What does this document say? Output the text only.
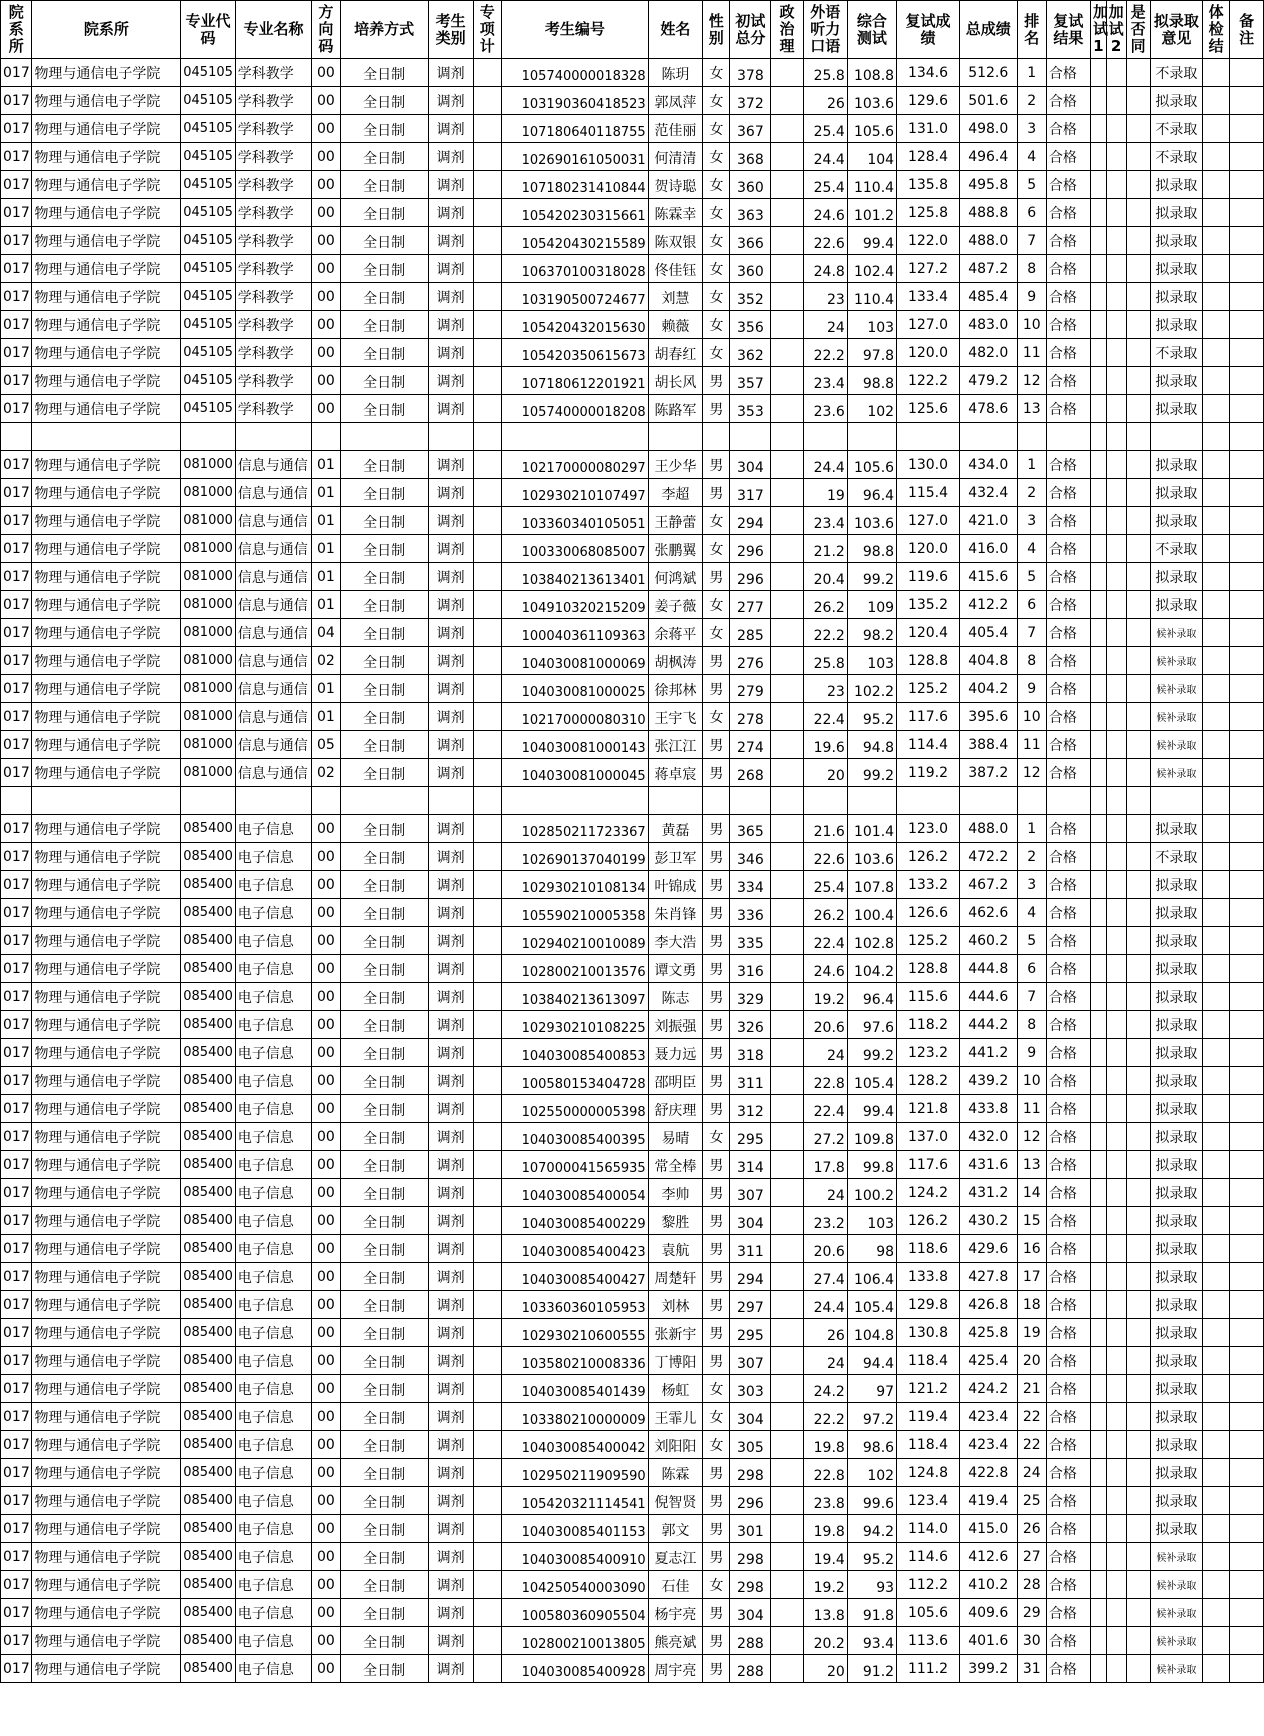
院系所	院系所	专业代码	专业名称	方向码	培养方式	考生类别	专项计	考生编号	姓名	性别	初试总分	政治理	外语听力口语	综合测试	复试成绩	总成绩	排名	复试结果	加试1	加试2	是否同	拟录取意见	体检结	备注
017	物理与通信电子学院	045105	学科教学	00	全日制	调剂		105740000018328	陈玥	女	378		25.8	108.8	134.6	512.6	1	合格				不录取		
017	物理与通信电子学院	045105	学科教学	00	全日制	调剂		103190360418523	郭凤萍	女	372		26	103.6	129.6	501.6	2	合格				拟录取		
017	物理与通信电子学院	045105	学科教学	00	全日制	调剂		107180640118755	范佳丽	女	367		25.4	105.6	131.0	498.0	3	合格				不录取		
017	物理与通信电子学院	045105	学科教学	00	全日制	调剂		102690161050031	何清清	女	368		24.4	104	128.4	496.4	4	合格				不录取		
017	物理与通信电子学院	045105	学科教学	00	全日制	调剂		107180231410844	贺诗聪	女	360		25.4	110.4	135.8	495.8	5	合格				拟录取		
017	物理与通信电子学院	045105	学科教学	00	全日制	调剂		105420230315661	陈霖幸	女	363		24.6	101.2	125.8	488.8	6	合格				拟录取		
017	物理与通信电子学院	045105	学科教学	00	全日制	调剂		105420430215589	陈双银	女	366		22.6	99.4	122.0	488.0	7	合格				拟录取		
017	物理与通信电子学院	045105	学科教学	00	全日制	调剂		106370100318028	佟佳钰	女	360		24.8	102.4	127.2	487.2	8	合格				拟录取		
017	物理与通信电子学院	045105	学科教学	00	全日制	调剂		103190500724677	刘慧	女	352		23	110.4	133.4	485.4	9	合格				拟录取		
017	物理与通信电子学院	045105	学科教学	00	全日制	调剂		105420432015630	赖薇	女	356		24	103	127.0	483.0	10	合格				拟录取		
017	物理与通信电子学院	045105	学科教学	00	全日制	调剂		105420350615673	胡春红	女	362		22.2	97.8	120.0	482.0	11	合格				不录取		
017	物理与通信电子学院	045105	学科教学	00	全日制	调剂		107180612201921	胡长风	男	357		23.4	98.8	122.2	479.2	12	合格				拟录取		
017	物理与通信电子学院	045105	学科教学	00	全日制	调剂		105740000018208	陈路军	男	353		23.6	102	125.6	478.6	13	合格				拟录取		

017	物理与通信电子学院	081000	信息与通信	01	全日制	调剂		102170000080297	王少华	男	304		24.4	105.6	130.0	434.0	1	合格				拟录取		
017	物理与通信电子学院	081000	信息与通信	01	全日制	调剂		102930210107497	李超	男	317		19	96.4	115.4	432.4	2	合格				拟录取		
017	物理与通信电子学院	081000	信息与通信	01	全日制	调剂		103360340105051	王静蕾	女	294		23.4	103.6	127.0	421.0	3	合格				拟录取		
017	物理与通信电子学院	081000	信息与通信	01	全日制	调剂		100330068085007	张鹏翼	女	296		21.2	98.8	120.0	416.0	4	合格				不录取		
017	物理与通信电子学院	081000	信息与通信	01	全日制	调剂		103840213613401	何鸿斌	男	296		20.4	99.2	119.6	415.6	5	合格				拟录取		
017	物理与通信电子学院	081000	信息与通信	01	全日制	调剂		104910320215209	姜子薇	女	277		26.2	109	135.2	412.2	6	合格				拟录取		
017	物理与通信电子学院	081000	信息与通信	04	全日制	调剂		100040361109363	余蒋平	女	285		22.2	98.2	120.4	405.4	7	合格				候补录取		
017	物理与通信电子学院	081000	信息与通信	02	全日制	调剂		104030081000069	胡枫涛	男	276		25.8	103	128.8	404.8	8	合格				候补录取		
017	物理与通信电子学院	081000	信息与通信	01	全日制	调剂		104030081000025	徐邦林	男	279		23	102.2	125.2	404.2	9	合格				候补录取		
017	物理与通信电子学院	081000	信息与通信	01	全日制	调剂		102170000080310	王宇飞	女	278		22.4	95.2	117.6	395.6	10	合格				候补录取		
017	物理与通信电子学院	081000	信息与通信	05	全日制	调剂		104030081000143	张江江	男	274		19.6	94.8	114.4	388.4	11	合格				候补录取		
017	物理与通信电子学院	081000	信息与通信	02	全日制	调剂		104030081000045	蒋卓宸	男	268		20	99.2	119.2	387.2	12	合格				候补录取		

017	物理与通信电子学院	085400	电子信息	00	全日制	调剂		102850211723367	黄磊	男	365		21.6	101.4	123.0	488.0	1	合格				拟录取		
017	物理与通信电子学院	085400	电子信息	00	全日制	调剂		102690137040199	彭卫军	男	346		22.6	103.6	126.2	472.2	2	合格				不录取		
017	物理与通信电子学院	085400	电子信息	00	全日制	调剂		102930210108134	叶锦成	男	334		25.4	107.8	133.2	467.2	3	合格				拟录取		
017	物理与通信电子学院	085400	电子信息	00	全日制	调剂		105590210005358	朱肖锋	男	336		26.2	100.4	126.6	462.6	4	合格				拟录取		
017	物理与通信电子学院	085400	电子信息	00	全日制	调剂		102940210010089	李大浩	男	335		22.4	102.8	125.2	460.2	5	合格				拟录取		
017	物理与通信电子学院	085400	电子信息	00	全日制	调剂		102800210013576	谭文勇	男	316		24.6	104.2	128.8	444.8	6	合格				拟录取		
017	物理与通信电子学院	085400	电子信息	00	全日制	调剂		103840213613097	陈志	男	329		19.2	96.4	115.6	444.6	7	合格				拟录取		
017	物理与通信电子学院	085400	电子信息	00	全日制	调剂		102930210108225	刘振强	男	326		20.6	97.6	118.2	444.2	8	合格				拟录取		
017	物理与通信电子学院	085400	电子信息	00	全日制	调剂		104030085400853	聂力远	男	318		24	99.2	123.2	441.2	9	合格				拟录取		
017	物理与通信电子学院	085400	电子信息	00	全日制	调剂		100580153404728	邵明臣	男	311		22.8	105.4	128.2	439.2	10	合格				拟录取		
017	物理与通信电子学院	085400	电子信息	00	全日制	调剂		102550000005398	舒庆理	男	312		22.4	99.4	121.8	433.8	11	合格				拟录取		
017	物理与通信电子学院	085400	电子信息	00	全日制	调剂		104030085400395	易晴	女	295		27.2	109.8	137.0	432.0	12	合格				拟录取		
017	物理与通信电子学院	085400	电子信息	00	全日制	调剂		107000041565935	常全棒	男	314		17.8	99.8	117.6	431.6	13	合格				拟录取		
017	物理与通信电子学院	085400	电子信息	00	全日制	调剂		104030085400054	李帅	男	307		24	100.2	124.2	431.2	14	合格				拟录取		
017	物理与通信电子学院	085400	电子信息	00	全日制	调剂		104030085400229	黎胜	男	304		23.2	103	126.2	430.2	15	合格				拟录取		
017	物理与通信电子学院	085400	电子信息	00	全日制	调剂		104030085400423	袁航	男	311		20.6	98	118.6	429.6	16	合格				拟录取		
017	物理与通信电子学院	085400	电子信息	00	全日制	调剂		104030085400427	周楚轩	男	294		27.4	106.4	133.8	427.8	17	合格				拟录取		
017	物理与通信电子学院	085400	电子信息	00	全日制	调剂		103360360105953	刘林	男	297		24.4	105.4	129.8	426.8	18	合格				拟录取		
017	物理与通信电子学院	085400	电子信息	00	全日制	调剂		102930210600555	张新宇	男	295		26	104.8	130.8	425.8	19	合格				拟录取		
017	物理与通信电子学院	085400	电子信息	00	全日制	调剂		103580210008336	丁博阳	男	307		24	94.4	118.4	425.4	20	合格				拟录取		
017	物理与通信电子学院	085400	电子信息	00	全日制	调剂		104030085401439	杨虹	女	303		24.2	97	121.2	424.2	21	合格				拟录取		
017	物理与通信电子学院	085400	电子信息	00	全日制	调剂		103380210000009	王霏儿	女	304		22.2	97.2	119.4	423.4	22	合格				拟录取		
017	物理与通信电子学院	085400	电子信息	00	全日制	调剂		104030085400042	刘阳阳	女	305		19.8	98.6	118.4	423.4	22	合格				拟录取		
017	物理与通信电子学院	085400	电子信息	00	全日制	调剂		102950211909590	陈霖	男	298		22.8	102	124.8	422.8	24	合格				拟录取		
017	物理与通信电子学院	085400	电子信息	00	全日制	调剂		105420321114541	倪智贤	男	296		23.8	99.6	123.4	419.4	25	合格				拟录取		
017	物理与通信电子学院	085400	电子信息	00	全日制	调剂		104030085401153	郭文	男	301		19.8	94.2	114.0	415.0	26	合格				拟录取		
017	物理与通信电子学院	085400	电子信息	00	全日制	调剂		104030085400910	夏志江	男	298		19.4	95.2	114.6	412.6	27	合格				候补录取		
017	物理与通信电子学院	085400	电子信息	00	全日制	调剂		104250540003090	石佳	女	298		19.2	93	112.2	410.2	28	合格				候补录取		
017	物理与通信电子学院	085400	电子信息	00	全日制	调剂		100580360905504	杨宇亮	男	304		13.8	91.8	105.6	409.6	29	合格				候补录取		
017	物理与通信电子学院	085400	电子信息	00	全日制	调剂		102800210013805	熊亮斌	男	288		20.2	93.4	113.6	401.6	30	合格				候补录取		
017	物理与通信电子学院	085400	电子信息	00	全日制	调剂		104030085400928	周宇亮	男	288		20	91.2	111.2	399.2	31	合格				候补录取		
